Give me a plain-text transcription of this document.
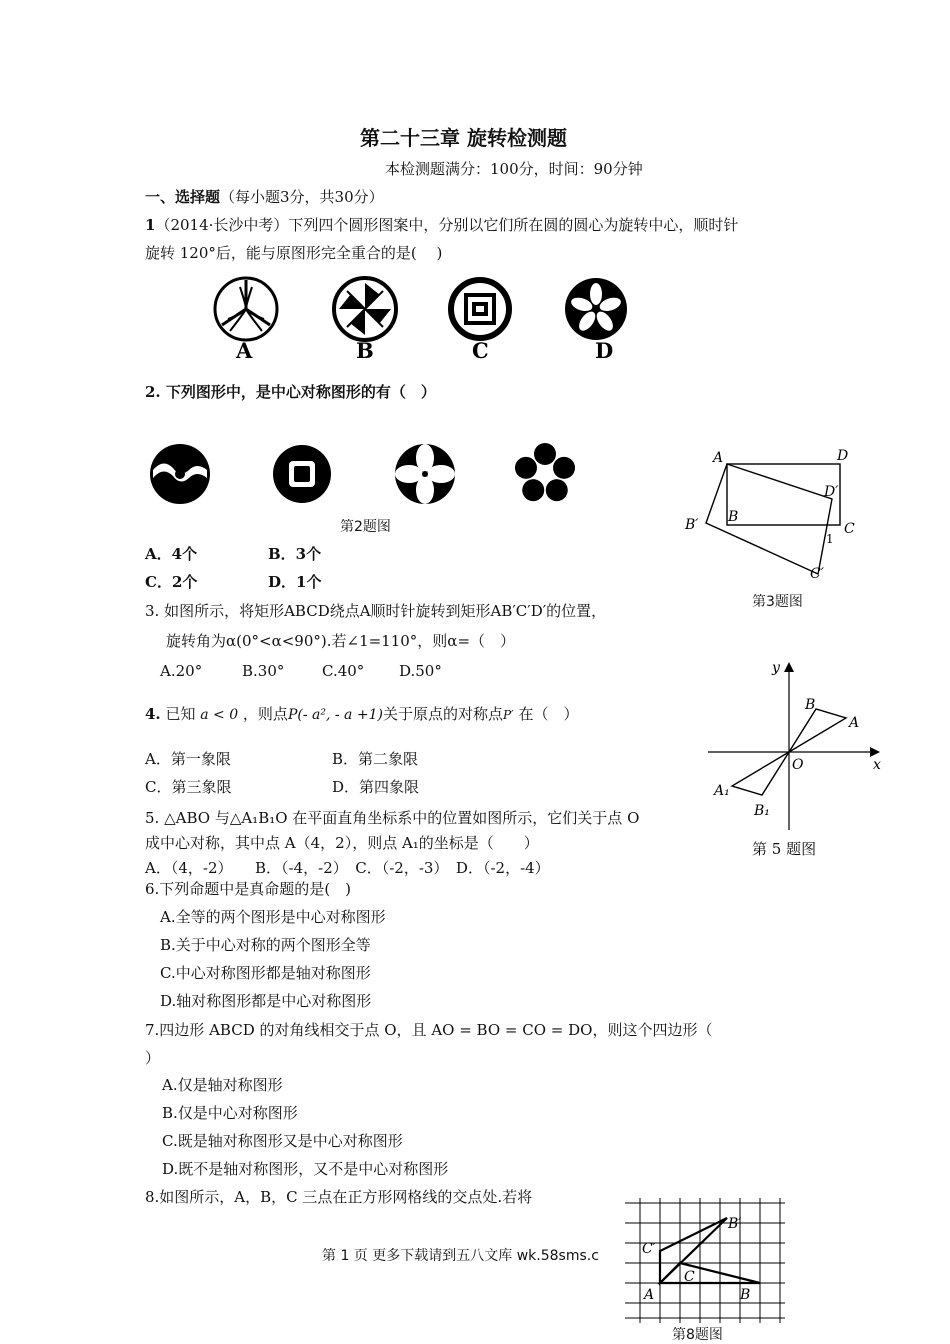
第二十三章 旋转检测题
本检测题满分：100分，时间：90分钟
一、选择题（每小题3分，共30分）
1（2014·长沙中考）下列四个圆形图案中，分别以它们所在圆的圆心为旋转中心，顺时针
旋转 120°后，能与原图形完全重合的是(　 )
A	B	C	D
2. 下列图形中，是中心对称图形的有（　）
第2题图
A．4个	B．3个
C．2个	D．1个
A	D
D′
B′ B
C
1
C′
第3题图
3. 如图所示，将矩形ABCD绕点A顺时针旋转到矩形AB′C′D′的位置，
旋转角为α(0°<α<90°).若∠1=110°，则α=（　）
A.20°	B.30°	C.40° D.50°
4. 已知 a < 0 ，则点P(- a², - a +1)关于原点的对称点P′ 在（　）
A．第一象限	B．第二象限
C．第三象限	D．第四象限
y
x
O
B
A
A₁
B₁
第 5 题图
5. △ABO 与△A₁B₁O 在平面直角坐标系中的位置如图所示，它们关于点 O
成中心对称，其中点 A（4，2），则点 A₁的坐标是（　　）
A．（4，-2）　　B．（-4，-2）　C．（-2，-3）　D．（-2，-4）
6.下列命题中是真命题的是(　)
A.全等的两个图形是中心对称图形
B.关于中心对称的两个图形全等
C.中心对称图形都是轴对称图形
D.轴对称图形都是中心对称图形
7.四边形 ABCD 的对角线相交于点 O，且 AO = BO = CO = DO，则这个四边形（
）
A.仅是轴对称图形
B.仅是中心对称图形
C.既是轴对称图形又是中心对称图形
D.既不是轴对称图形，又不是中心对称图形
8.如图所示，A，B，C 三点在正方形网格线的交点处.若将
C′
B′
C
A	B
第8题图
第 1 页 更多下载请到五八文库 wk.58sms.c
